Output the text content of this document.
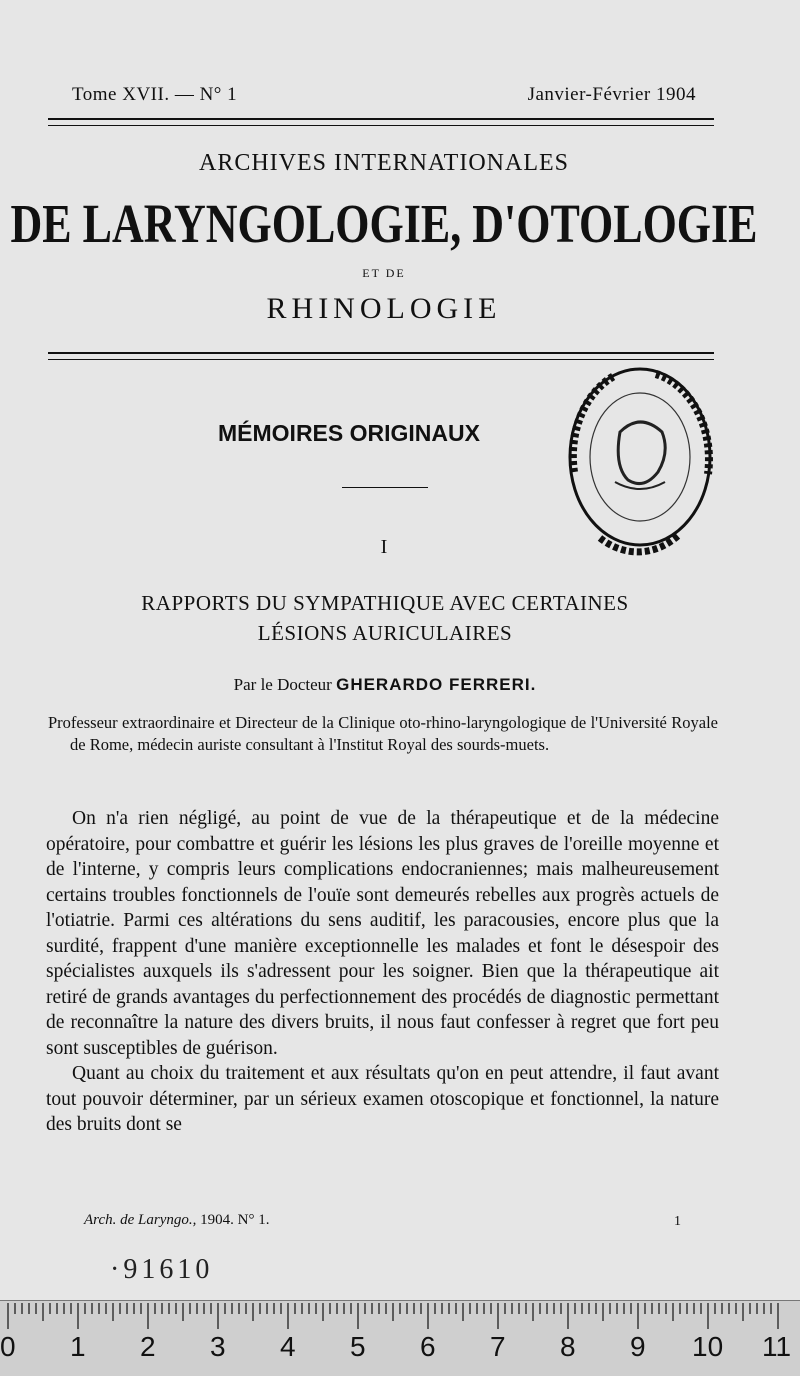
Tome XVII. — N° 1	Janvier-Février 1904
ARCHIVES INTERNATIONALES
DE LARYNGOLOGIE, D'OTOLOGIE
ET DE
RHINOLOGIE
MÉMOIRES ORIGINAUX
I
RAPPORTS DU SYMPATHIQUE AVEC CERTAINES
LÉSIONS AURICULAIRES
Par le Docteur GHERARDO FERRERI.

Professeur extraordinaire et Directeur de la Clinique oto-rhino-laryngologique de l'Université Royale de Rome, médecin auriste consultant à l'Institut Royal des sourds-muets.

On n'a rien négligé, au point de vue de la thérapeutique et de la médecine opératoire, pour combattre et guérir les lésions les plus graves de l'oreille moyenne et de l'interne, y compris leurs complications endocraniennes; mais malheureusement certains troubles fonctionnels de l'ouïe sont demeurés rebelles aux progrès actuels de l'otiatrie. Parmi ces altérations du sens auditif, les paracousies, encore plus que la surdité, frappent d'une manière exceptionnelle les malades et font le désespoir des spécialistes auxquels ils s'adressent pour les soigner. Bien que la thérapeutique ait retiré de grands avantages du perfectionnement des procédés de diagnostic permettant de reconnaître la nature des divers bruits, il nous faut confesser à regret que fort peu sont susceptibles de guérison.

Quant au choix du traitement et aux résultats qu'on en peut attendre, il faut avant tout pouvoir déterminer, par un sérieux examen otoscopique et fonctionnel, la nature des bruits dont se

Arch. de Laryngo., 1904. N° 1.	1
·91610
0 1 2 3 4 5 6 7 8 9 10 11
